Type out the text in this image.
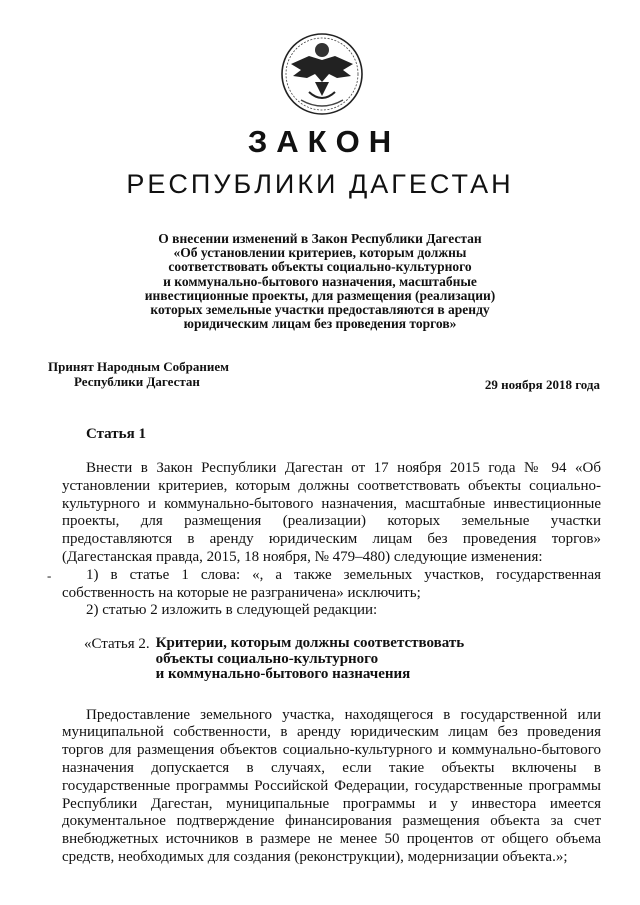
ЗАКОН
РЕСПУБЛИКИ ДАГЕСТАН
О внесении изменений в Закон Республики Дагестан
«Об установлении критериев, которым должны
соответствовать объекты социально-культурного
и коммунально-бытового назначения, масштабные
инвестиционные проекты, для размещения (реализации)
которых земельные участки предоставляются в аренду
юридическим лицам без проведения торгов»
Принят Народным Собранием
Республики Дагестан	29 ноября 2018 года
Статья 1
-

Внести в Закон Республики Дагестан от 17 ноября 2015 года № 94 «Об установлении критериев, которым должны соответствовать объекты социально-культурного и коммунально-бытового назначения, масштабные инвестиционные проекты, для размещения (реализации) которых земельные участки предоставляются в аренду юридическим лицам без проведения торгов» (Дагестанская правда, 2015, 18 ноября, № 479–480) следующие изменения:

1) в статье 1 слова: «, а также земельных участков, государственная собственность на которые не разграничена» исключить;

2) статью 2 изложить в следующей редакции:

«Статья 2. Критерии, которым должны соответствовать
объекты социально-культурного
и коммунально-бытового назначения

Предоставление земельного участка, находящегося в государственной или муниципальной собственности, в аренду юридическим лицам без проведения торгов для размещения объектов социально-культурного и коммунально-бытового назначения допускается в случаях, если такие объекты включены в государственные программы Российской Федерации, государственные программы Республики Дагестан, муниципальные программы и у инвестора имеется документальное подтверждение финансирования размещения объекта за счет внебюджетных источников в размере не менее 50 процентов от общего объема средств, необходимых для создания (реконструкции), модернизации объекта.»;
